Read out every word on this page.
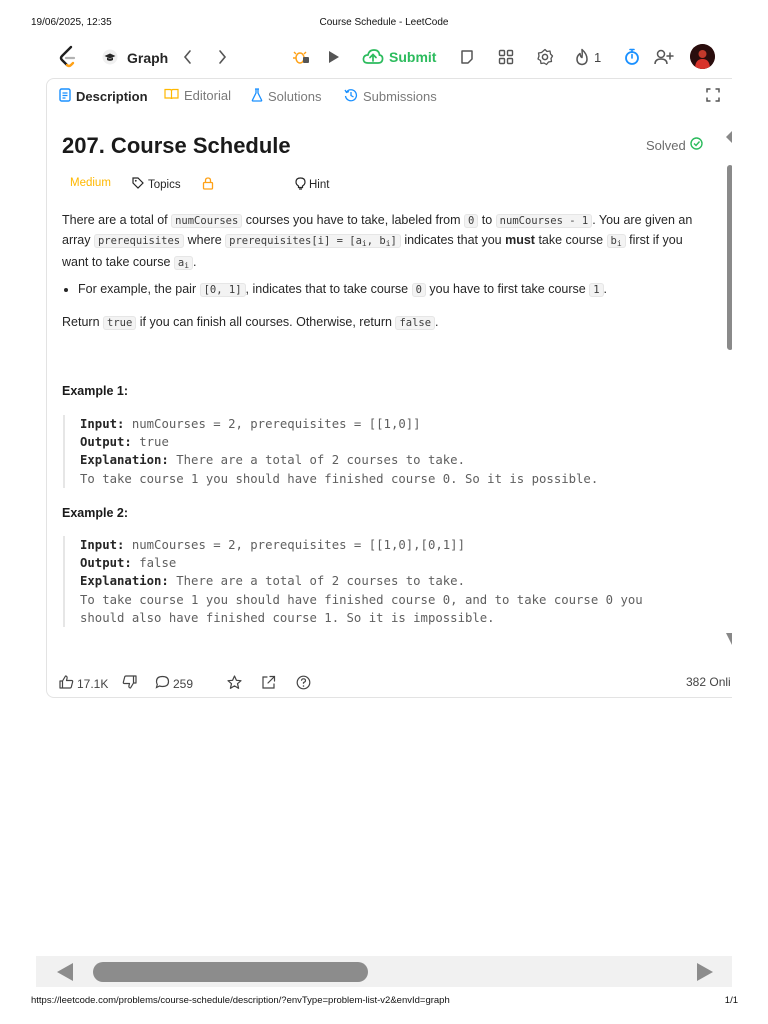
19/06/2025, 12:35	Course Schedule - LeetCode
Graph	Submit	1
Description	Editorial	Solutions	Submissions
207. Course Schedule	Solved
Medium	Topics	Hint
There are a total of numCourses courses you have to take, labeled from 0 to numCourses - 1 . You are given an array prerequisites where prerequisites[i] = [$a_i$, $b_i$] indicates that you must take course $b_i$ first if you want to take course $a_i$ .
For example, the pair [0, 1] , indicates that to take course 0 you have to first take course 1 .
Return true if you can finish all courses. Otherwise, return false .
Example 1:
Input: numCourses = 2, prerequisites = [[1,0]]
Output: true
Explanation: There are a total of 2 courses to take.
To take course 1 you should have finished course 0. So it is possible.
Example 2:
Input: numCourses = 2, prerequisites = [[1,0],[0,1]]
Output: false
Explanation: There are a total of 2 courses to take.
To take course 1 you should have finished course 0, and to take course 0 you
should also have finished course 1. So it is impossible.
17.1K	259	382 Onli
https://leetcode.com/problems/course-schedule/description/?envType=problem-list-v2&envId=graph	1/1
